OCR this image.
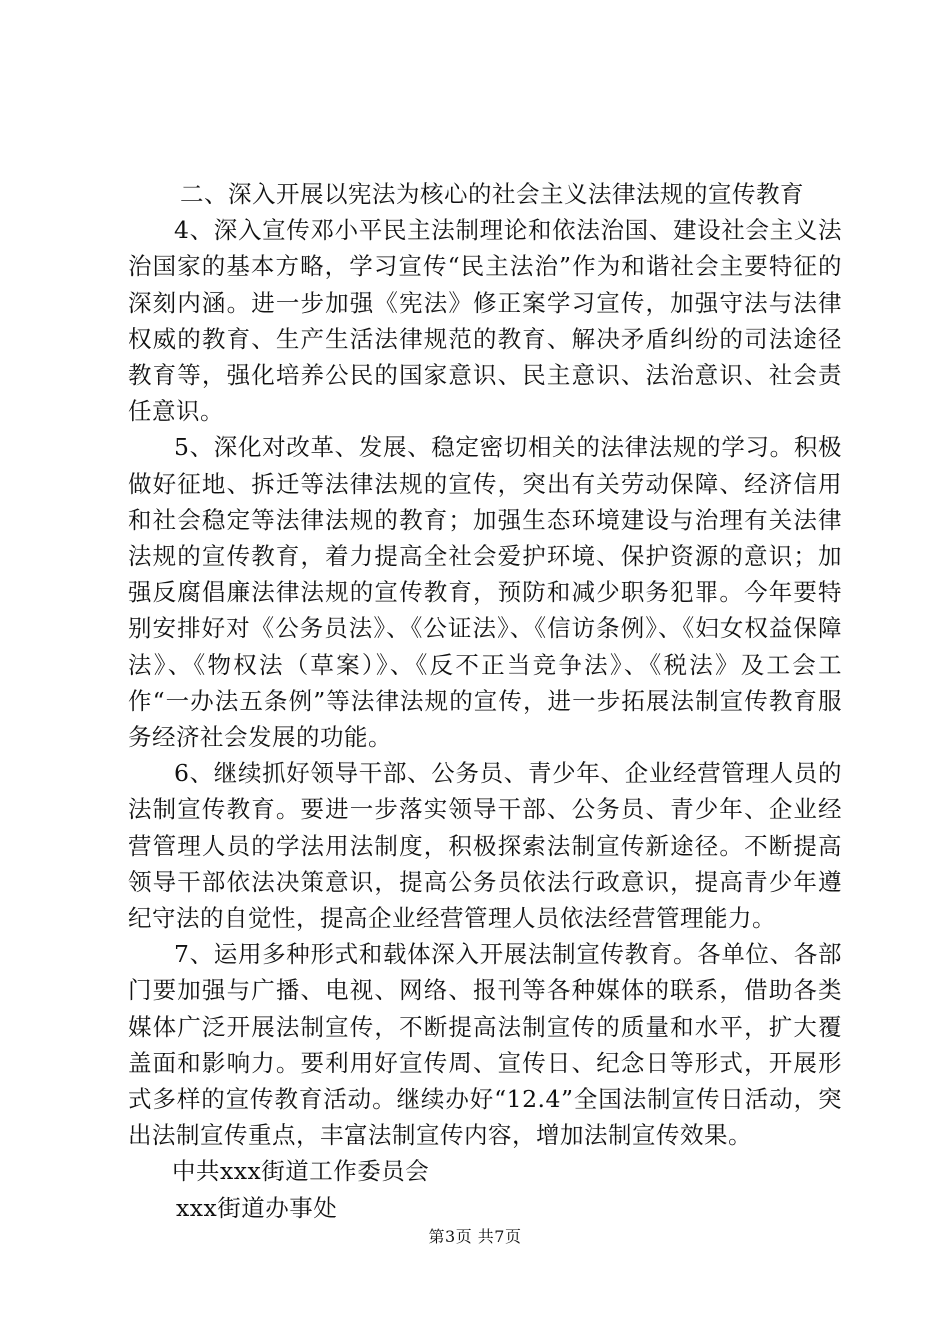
二、深入开展以宪法为核心的社会主义法律法规的宣传教育

4、深入宣传邓小平民主法制理论和依法治国、建设社会主义法治国家的基本方略，学习宣传“民主法治”作为和谐社会主要特征的深刻内涵。进一步加强《宪法》修正案学习宣传，加强守法与法律权威的教育、生产生活法律规范的教育、解决矛盾纠纷的司法途径教育等，强化培养公民的国家意识、民主意识、法治意识、社会责任意识。

5、深化对改革、发展、稳定密切相关的法律法规的学习。积极做好征地、拆迁等法律法规的宣传，突出有关劳动保障、经济信用和社会稳定等法律法规的教育；加强生态环境建设与治理有关法律法规的宣传教育，着力提高全社会爱护环境、保护资源的意识；加强反腐倡廉法律法规的宣传教育，预防和减少职务犯罪。今年要特别安排好对《公务员法》、《公证法》、《信访条例》、《妇女权益保障法》、《物权法（草案）》、《反不正当竞争法》、《税法》及工会工作“一办法五条例”等法律法规的宣传，进一步拓展法制宣传教育服务经济社会发展的功能。

6、继续抓好领导干部、公务员、青少年、企业经营管理人员的法制宣传教育。要进一步落实领导干部、公务员、青少年、企业经营管理人员的学法用法制度，积极探索法制宣传新途径。不断提高领导干部依法决策意识，提高公务员依法行政意识，提高青少年遵纪守法的自觉性，提高企业经营管理人员依法经营管理能力。

7、运用多种形式和载体深入开展法制宣传教育。各单位、各部门要加强与广播、电视、网络、报刊等各种媒体的联系，借助各类媒体广泛开展法制宣传，不断提高法制宣传的质量和水平，扩大覆盖面和影响力。要利用好宣传周、宣传日、纪念日等形式，开展形式多样的宣传教育活动。继续办好“12.4”全国法制宣传日活动，突出法制宣传重点，丰富法制宣传内容，增加法制宣传效果。

中共xxx街道工作委员会

xxx街道办事处

第3页 共7页
